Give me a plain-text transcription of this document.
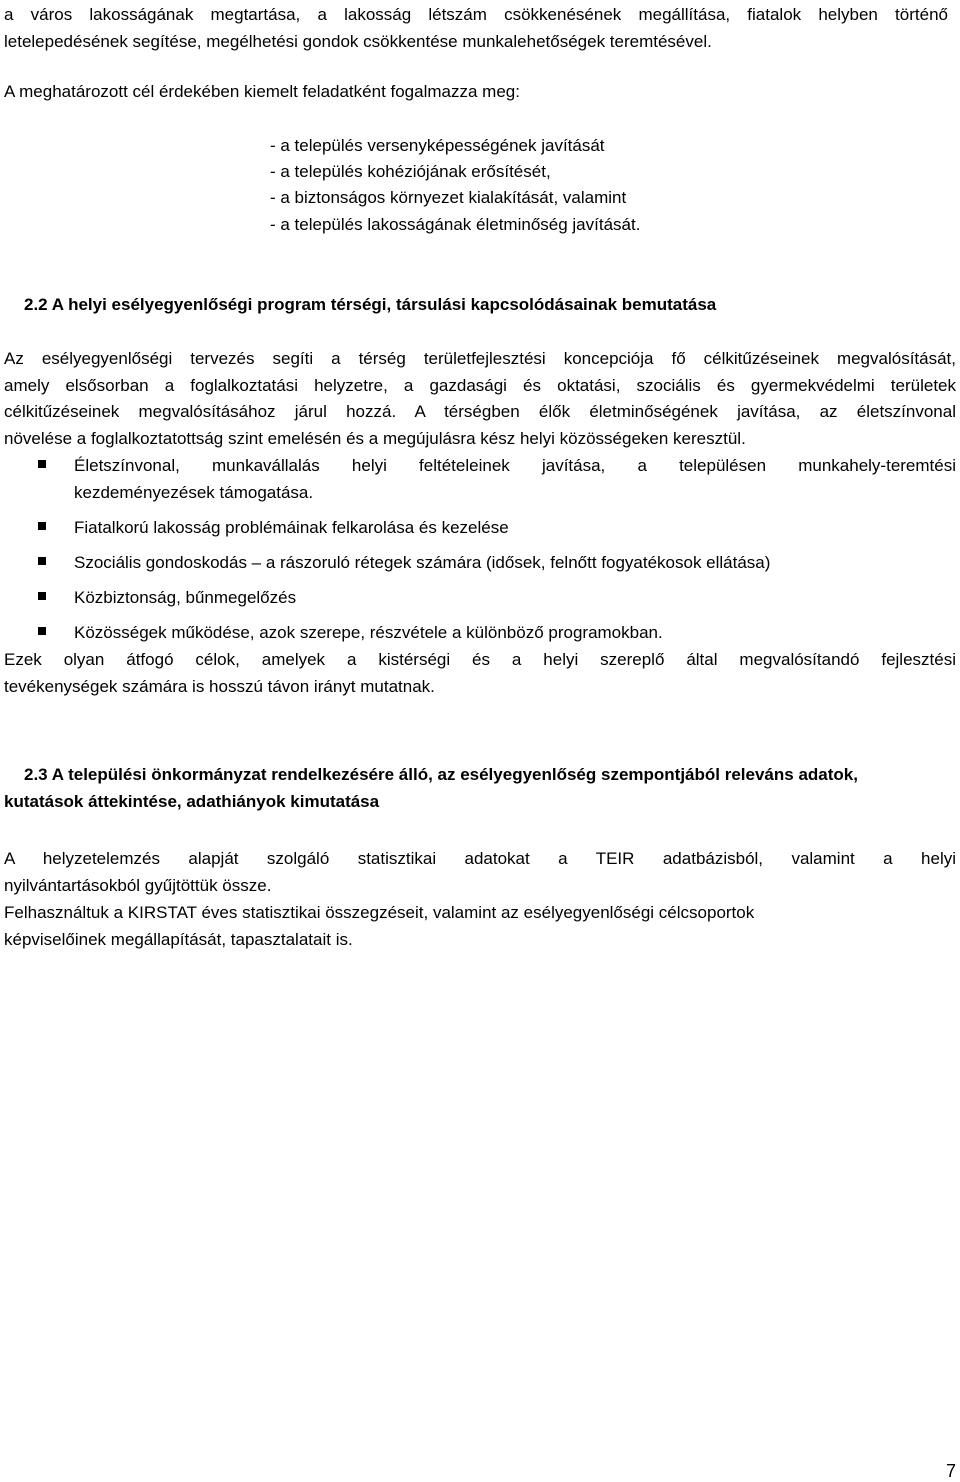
a város lakosságának megtartása, a lakosság létszám csökkenésének megállítása, fiatalok helyben történő
letelepedésének segítése, megélhetési gondok csökkentése munkalehetőségek teremtésével.
A meghatározott cél érdekében kiemelt feladatként fogalmazza meg:
- a település versenyképességének javítását
- a település kohéziójának erősítését,
- a biztonságos környezet kialakítását, valamint
- a település lakosságának életminőség javítását.
2.2 A helyi esélyegyenlőségi program térségi, társulási kapcsolódásainak bemutatása
Az esélyegyenlőségi tervezés segíti a térség területfejlesztési koncepciója fő célkitűzéseinek megvalósítását,
amely elsősorban a foglalkoztatási helyzetre, a gazdasági és oktatási, szociális és gyermekvédelmi területek
célkitűzéseinek megvalósításához járul hozzá. A térségben élők életminőségének javítása, az életszínvonal
növelése a foglalkoztatottság szint emelésén és a megújulásra kész helyi közösségeken keresztül.
Életszínvonal, munkavállalás helyi feltételeinek javítása, a településen munkahely-teremtési
kezdeményezések támogatása.
Fiatalkorú lakosság problémáinak felkarolása és kezelése
Szociális gondoskodás – a rászoruló rétegek számára (idősek, felnőtt fogyatékosok ellátása)
Közbiztonság, bűnmegelőzés
Közösségek működése, azok szerepe, részvétele a különböző programokban.
Ezek olyan átfogó célok, amelyek a kistérségi és a helyi szereplő által megvalósítandó fejlesztési
tevékenységek számára is hosszú távon irányt mutatnak.
2.3 A települési önkormányzat rendelkezésére álló, az esélyegyenlőség szempontjából releváns adatok,
kutatások áttekintése, adathiányok kimutatása
A helyzetelemzés alapját szolgáló statisztikai adatokat a TEIR adatbázisból, valamint a helyi
nyilvántartásokból gyűjtöttük össze.
Felhasználtuk a KIRSTAT éves statisztikai összegzéseit, valamint az esélyegyenlőségi célcsoportok
képviselőinek megállapítását, tapasztalatait is.
7
